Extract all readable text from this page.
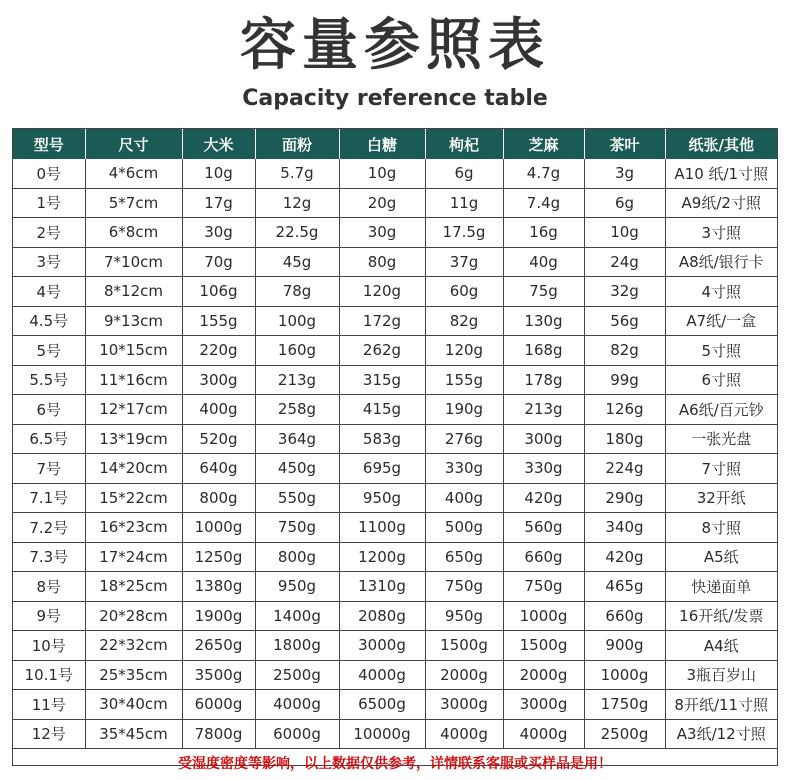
容量参照表
Capacity reference table
型号	尺寸	大米	面粉	白糖	枸杞	芝麻	茶叶	纸张/其他
0号	4*6cm	10g	5.7g	10g	6g	4.7g	3g	A10 纸/1寸照
1号	5*7cm	17g	12g	20g	11g	7.4g	6g	A9纸/2寸照
2号	6*8cm	30g	22.5g	30g	17.5g	16g	10g	3寸照
3号	7*10cm	70g	45g	80g	37g	40g	24g	A8纸/银行卡
4号	8*12cm	106g	78g	120g	60g	75g	32g	4寸照
4.5号	9*13cm	155g	100g	172g	82g	130g	56g	A7纸/一盒
5号	10*15cm	220g	160g	262g	120g	168g	82g	5寸照
5.5号	11*16cm	300g	213g	315g	155g	178g	99g	6寸照
6号	12*17cm	400g	258g	415g	190g	213g	126g	A6纸/百元钞
6.5号	13*19cm	520g	364g	583g	276g	300g	180g	一张光盘
7号	14*20cm	640g	450g	695g	330g	330g	224g	7寸照
7.1号	15*22cm	800g	550g	950g	400g	420g	290g	32开纸
7.2号	16*23cm	1000g	750g	1100g	500g	560g	340g	8寸照
7.3号	17*24cm	1250g	800g	1200g	650g	660g	420g	A5纸
8号	18*25cm	1380g	950g	1310g	750g	750g	465g	快递面单
9号	20*28cm	1900g	1400g	2080g	950g	1000g	660g	16开纸/发票
10号	22*32cm	2650g	1800g	3000g	1500g	1500g	900g	A4纸
10.1号	25*35cm	3500g	2500g	4000g	2000g	2000g	1000g	3瓶百岁山
11号	30*40cm	6000g	4000g	6500g	3000g	3000g	1750g	8开纸/11寸照
12号	35*45cm	7800g	6000g	10000g	4000g	4000g	2500g	A3纸/12寸照
受湿度密度等影响，以上数据仅供参考，详情联系客服或买样品是用！
